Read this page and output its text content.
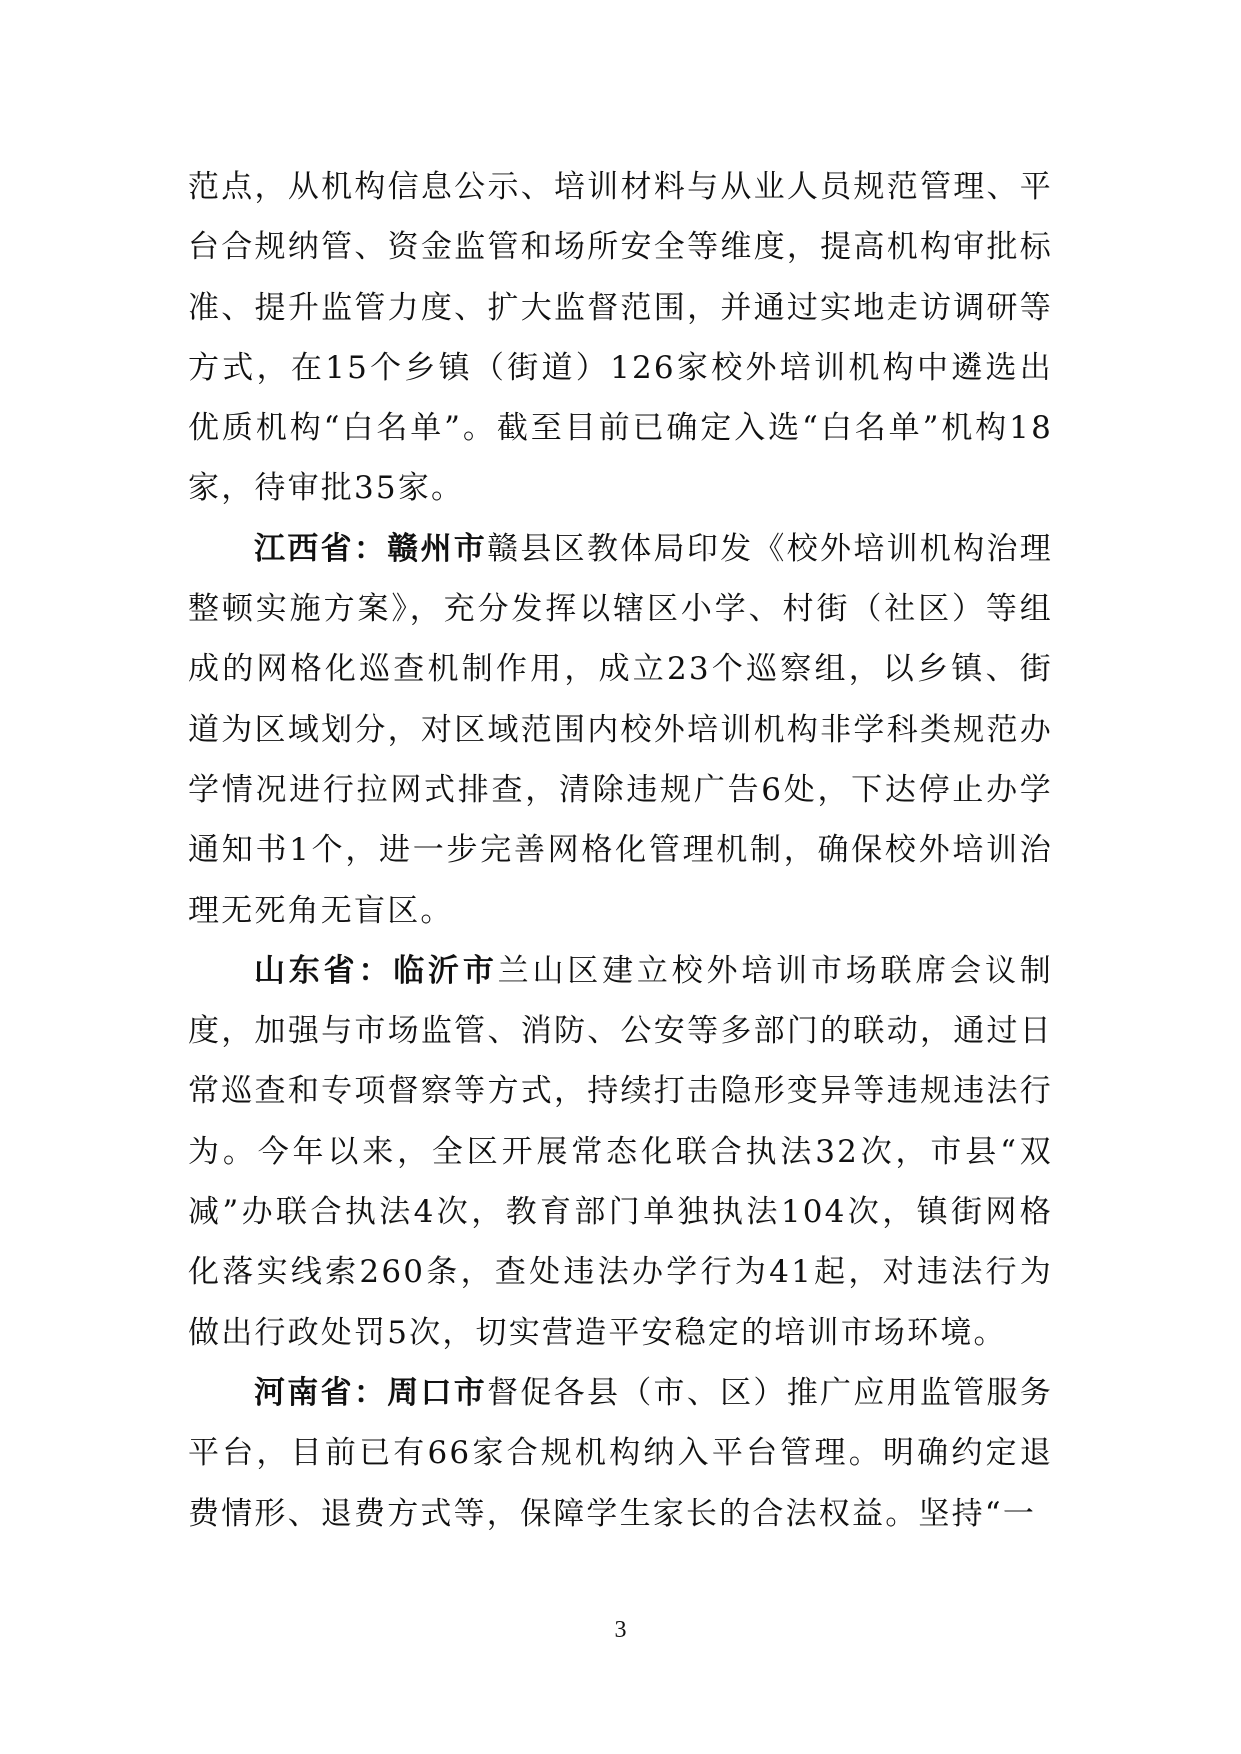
范点，从机构信息公示、培训材料与从业人员规范管理、平台合规纳管、资金监管和场所安全等维度，提高机构审批标准、提升监管力度、扩大监督范围，并通过实地走访调研等方式，在15个乡镇（街道）126家校外培训机构中遴选出优质机构“白名单”。截至目前已确定入选“白名单”机构18家，待审批35家。

江西省：赣州市赣县区教体局印发《校外培训机构治理整顿实施方案》，充分发挥以辖区小学、村街（社区）等组成的网格化巡查机制作用，成立23个巡察组，以乡镇、街道为区域划分，对区域范围内校外培训机构非学科类规范办学情况进行拉网式排查，清除违规广告6处，下达停止办学通知书1个，进一步完善网格化管理机制，确保校外培训治理无死角无盲区。

山东省：临沂市兰山区建立校外培训市场联席会议制度，加强与市场监管、消防、公安等多部门的联动，通过日常巡查和专项督察等方式，持续打击隐形变异等违规违法行为。今年以来，全区开展常态化联合执法32次，市县“双减”办联合执法4次，教育部门单独执法104次，镇街网格化落实线索260条，查处违法办学行为41起，对违法行为做出行政处罚5次，切实营造平安稳定的培训市场环境。

河南省：周口市督促各县（市、区）推广应用监管服务平台，目前已有66家合规机构纳入平台管理。明确约定退费情形、退费方式等，保障学生家长的合法权益。坚持“一

3
